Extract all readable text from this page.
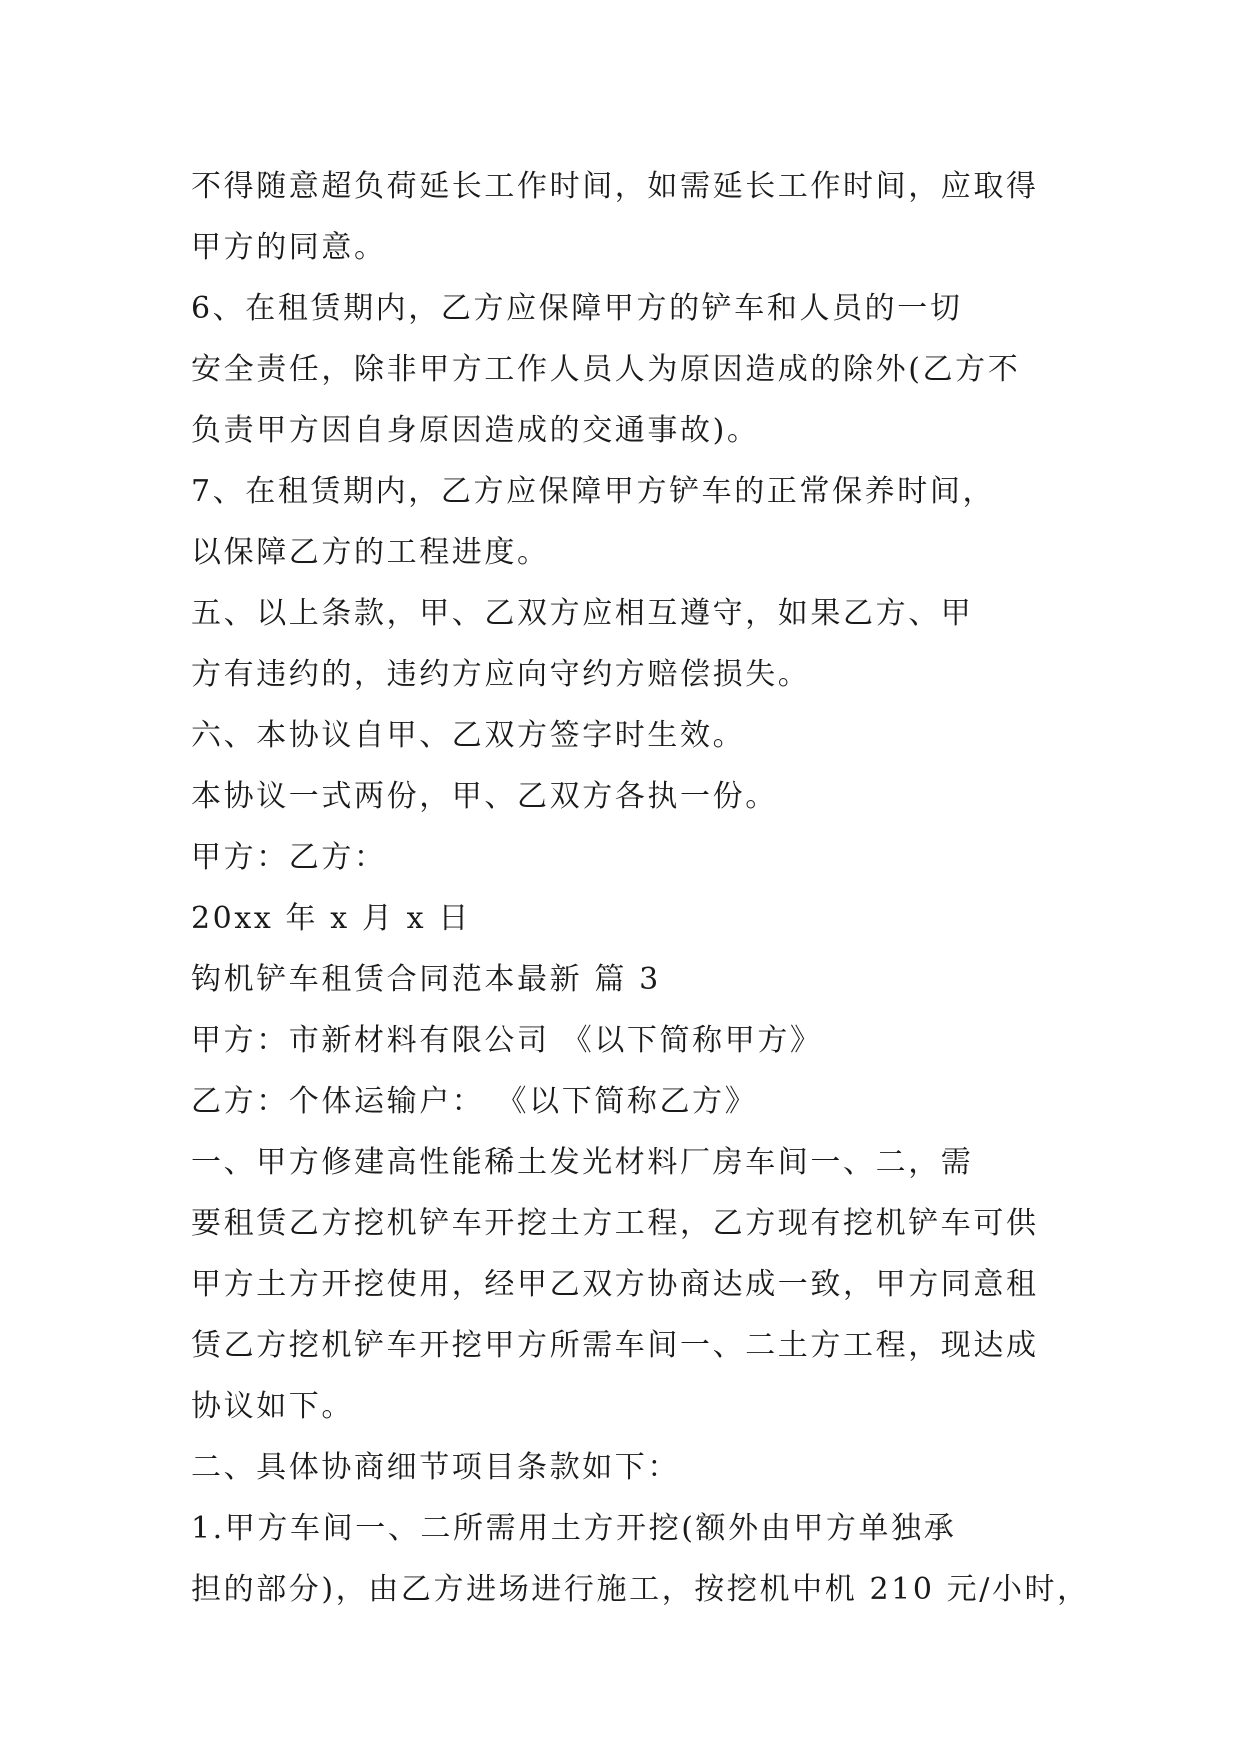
不得随意超负荷延长工作时间，如需延长工作时间，应取得
甲方的同意。

6、在租赁期内，乙方应保障甲方的铲车和人员的一切
安全责任，除非甲方工作人员人为原因造成的除外(乙方不
负责甲方因自身原因造成的交通事故)。

7、在租赁期内，乙方应保障甲方铲车的正常保养时间，
以保障乙方的工程进度。

五、以上条款，甲、乙双方应相互遵守，如果乙方、甲
方有违约的，违约方应向守约方赔偿损失。

六、本协议自甲、乙双方签字时生效。

本协议一式两份，甲、乙双方各执一份。

甲方：乙方：

20xx 年 x 月 x 日

钩机铲车租赁合同范本最新 篇 3

甲方：市新材料有限公司 《以下简称甲方》

乙方：个体运输户： 《以下简称乙方》

一、甲方修建高性能稀土发光材料厂房车间一、二，需
要租赁乙方挖机铲车开挖土方工程，乙方现有挖机铲车可供
甲方土方开挖使用，经甲乙双方协商达成一致，甲方同意租
赁乙方挖机铲车开挖甲方所需车间一、二土方工程，现达成
协议如下。

二、具体协商细节项目条款如下：

1.甲方车间一、二所需用土方开挖(额外由甲方单独承
担的部分)，由乙方进场进行施工，按挖机中机 210 元/小时，
